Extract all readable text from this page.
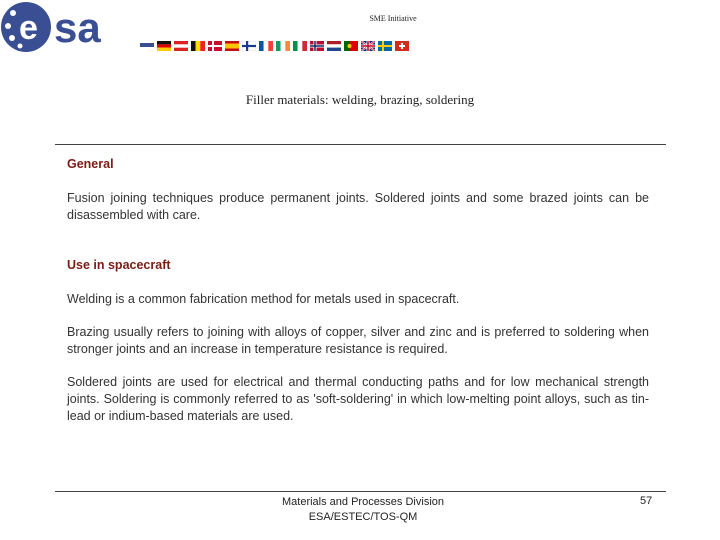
e sa	SME Initiative
Filler materials: welding, brazing, soldering
General

Fusion joining techniques produce permanent joints. Soldered joints and some brazed joints can be disassembled with care.

Use in spacecraft

Welding is a common fabrication method for metals used in spacecraft.

Brazing usually refers to joining with alloys of copper, silver and zinc and is preferred to soldering when stronger joints and an increase in temperature resistance is required.

Soldered joints are used for electrical and thermal conducting paths and for low mechanical strength joints. Soldering is commonly referred to as 'soft-soldering' in which low-melting point alloys, such as tin-lead or indium-based materials are used.

Materials and Processes Division
ESA/ESTEC/TOS-QM
57
